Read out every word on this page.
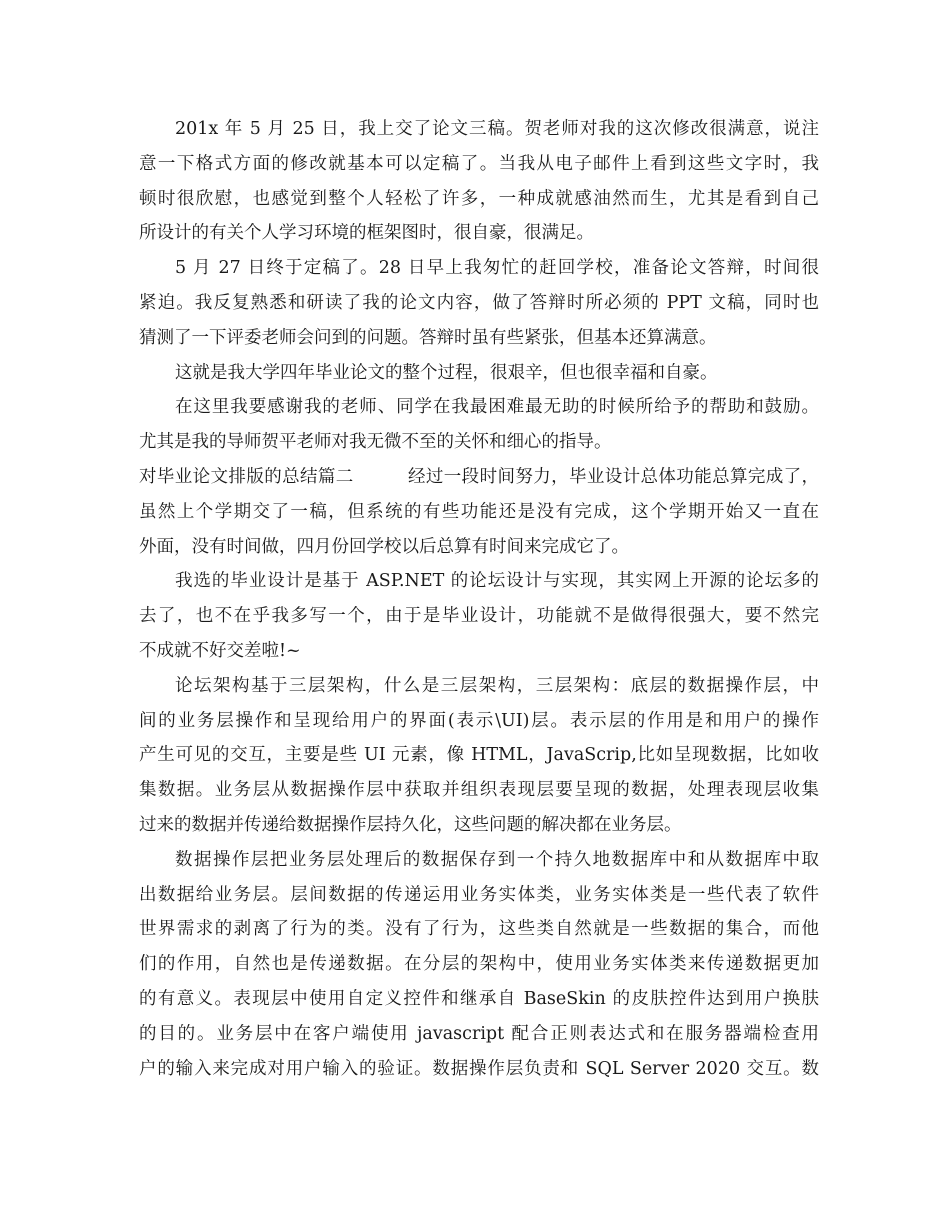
201x 年 5 月 25 日，我上交了论文三稿。贺老师对我的这次修改很满意，说注
意一下格式方面的修改就基本可以定稿了。当我从电子邮件上看到这些文字时，我
顿时很欣慰，也感觉到整个人轻松了许多，一种成就感油然而生，尤其是看到自己
所设计的有关个人学习环境的框架图时，很自豪，很满足。
5 月 27 日终于定稿了。28 日早上我匆忙的赶回学校，准备论文答辩，时间很
紧迫。我反复熟悉和研读了我的论文内容，做了答辩时所必须的 PPT 文稿，同时也
猜测了一下评委老师会问到的问题。答辩时虽有些紧张，但基本还算满意。
这就是我大学四年毕业论文的整个过程，很艰辛，但也很幸福和自豪。
在这里我要感谢我的老师、同学在我最困难最无助的时候所给予的帮助和鼓励。
尤其是我的导师贺平老师对我无微不至的关怀和细心的指导。
对毕业论文排版的总结篇二	经过一段时间努力，毕业设计总体功能总算完成了，
虽然上个学期交了一稿，但系统的有些功能还是没有完成，这个学期开始又一直在
外面，没有时间做，四月份回学校以后总算有时间来完成它了。
我选的毕业设计是基于 ASP.NET 的论坛设计与实现，其实网上开源的论坛多的
去了，也不在乎我多写一个，由于是毕业设计，功能就不是做得很强大，要不然完
不成就不好交差啦!~
论坛架构基于三层架构，什么是三层架构，三层架构：底层的数据操作层，中
间的业务层操作和呈现给用户的界面(表示\UI)层。表示层的作用是和用户的操作
产生可见的交互，主要是些 UI 元素，像 HTML，JavaScrip,比如呈现数据，比如收
集数据。业务层从数据操作层中获取并组织表现层要呈现的数据，处理表现层收集
过来的数据并传递给数据操作层持久化，这些问题的解决都在业务层。
数据操作层把业务层处理后的数据保存到一个持久地数据库中和从数据库中取
出数据给业务层。层间数据的传递运用业务实体类，业务实体类是一些代表了软件
世界需求的剥离了行为的类。没有了行为，这些类自然就是一些数据的集合，而他
们的作用，自然也是传递数据。在分层的架构中，使用业务实体类来传递数据更加
的有意义。表现层中使用自定义控件和继承自 BaseSkin 的皮肤控件达到用户换肤
的目的。业务层中在客户端使用 javascript 配合正则表达式和在服务器端检查用
户的输入来完成对用户输入的验证。数据操作层负责和 SQL Server 2020 交互。数
